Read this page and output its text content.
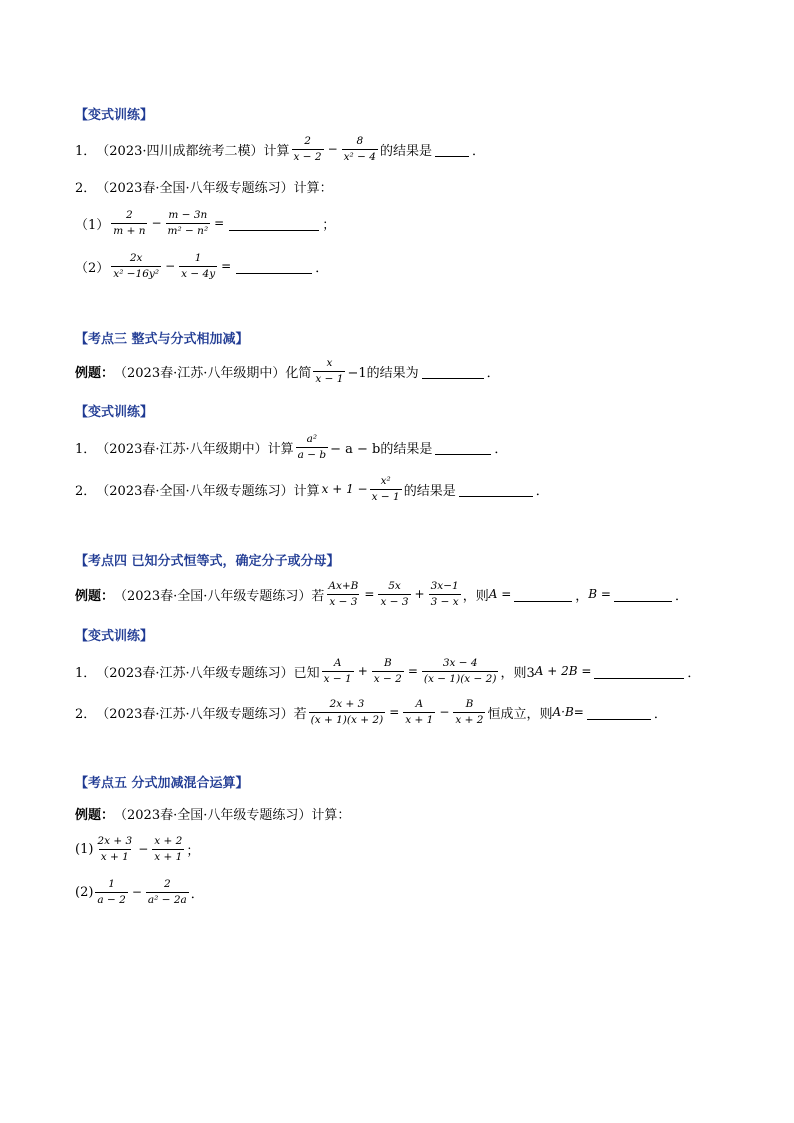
【变式训练】
1． （2023·四川成都统考二模）计算 $\frac{2}{x - 2} - \frac{8}{\text{x² − 4}}$ 的结果是	．
2． （2023春·全国·八年级专题练习）计算：
$(1) \frac{2}{m + n} - \frac{m - 3n}{\text{m² − n²}}$ =	；
$(2) \frac{2x}{\text{x² −16y²}} - \frac{1}{x - 4y}$ =	．
【考点三 整式与分式相加减】
例题： （2023春·江苏·八年级期中）化简 $\frac{x}{x - 1} -1$的结果为	．
【变式训练】
1． （2023春·江苏·八年级期中）计算 $\frac{\text{a²}}{a - b} - a - b$的结果是	．
2． （2023春·全国·八年级专题练习）计算 $x + 1 - \frac{\text{x²}}{x - 1}$ 的结果是	．
【考点四 已知分式恒等式，确定分子或分母】
例题： （2023春·全国·八年级专题练习）若 $\frac{Ax+B}{x - 3} = \frac{5x}{x - 3} + \frac{3x-1}{3 - x}$ ，则 A =	， B =	．
【变式训练】
1． （2023春·江苏·八年级专题练习）已知 $\frac{A}{x - 1} + \frac{B}{x - 2} = \frac{3x - 4}{(x - 1)(x - 2)}$ ，则3 A + 2B =	．
2． （2023春·江苏·八年级专题练习）若 $\frac{2x + 3}{(x + 1)(x + 2)} = \frac{A}{x + 1} - \frac{B}{x + 2}$ 恒成立，则 A·B=	．
【考点五 分式加减混合运算】
例题： （2023春·全国·八年级专题练习）计算：
$(1) \frac{2x + 3}{x + 1} - \frac{x + 2}{x + 1}$ ；
$(2) \frac{1}{a - 2} - \frac{2}{\text{a² − 2a}}$ ．
